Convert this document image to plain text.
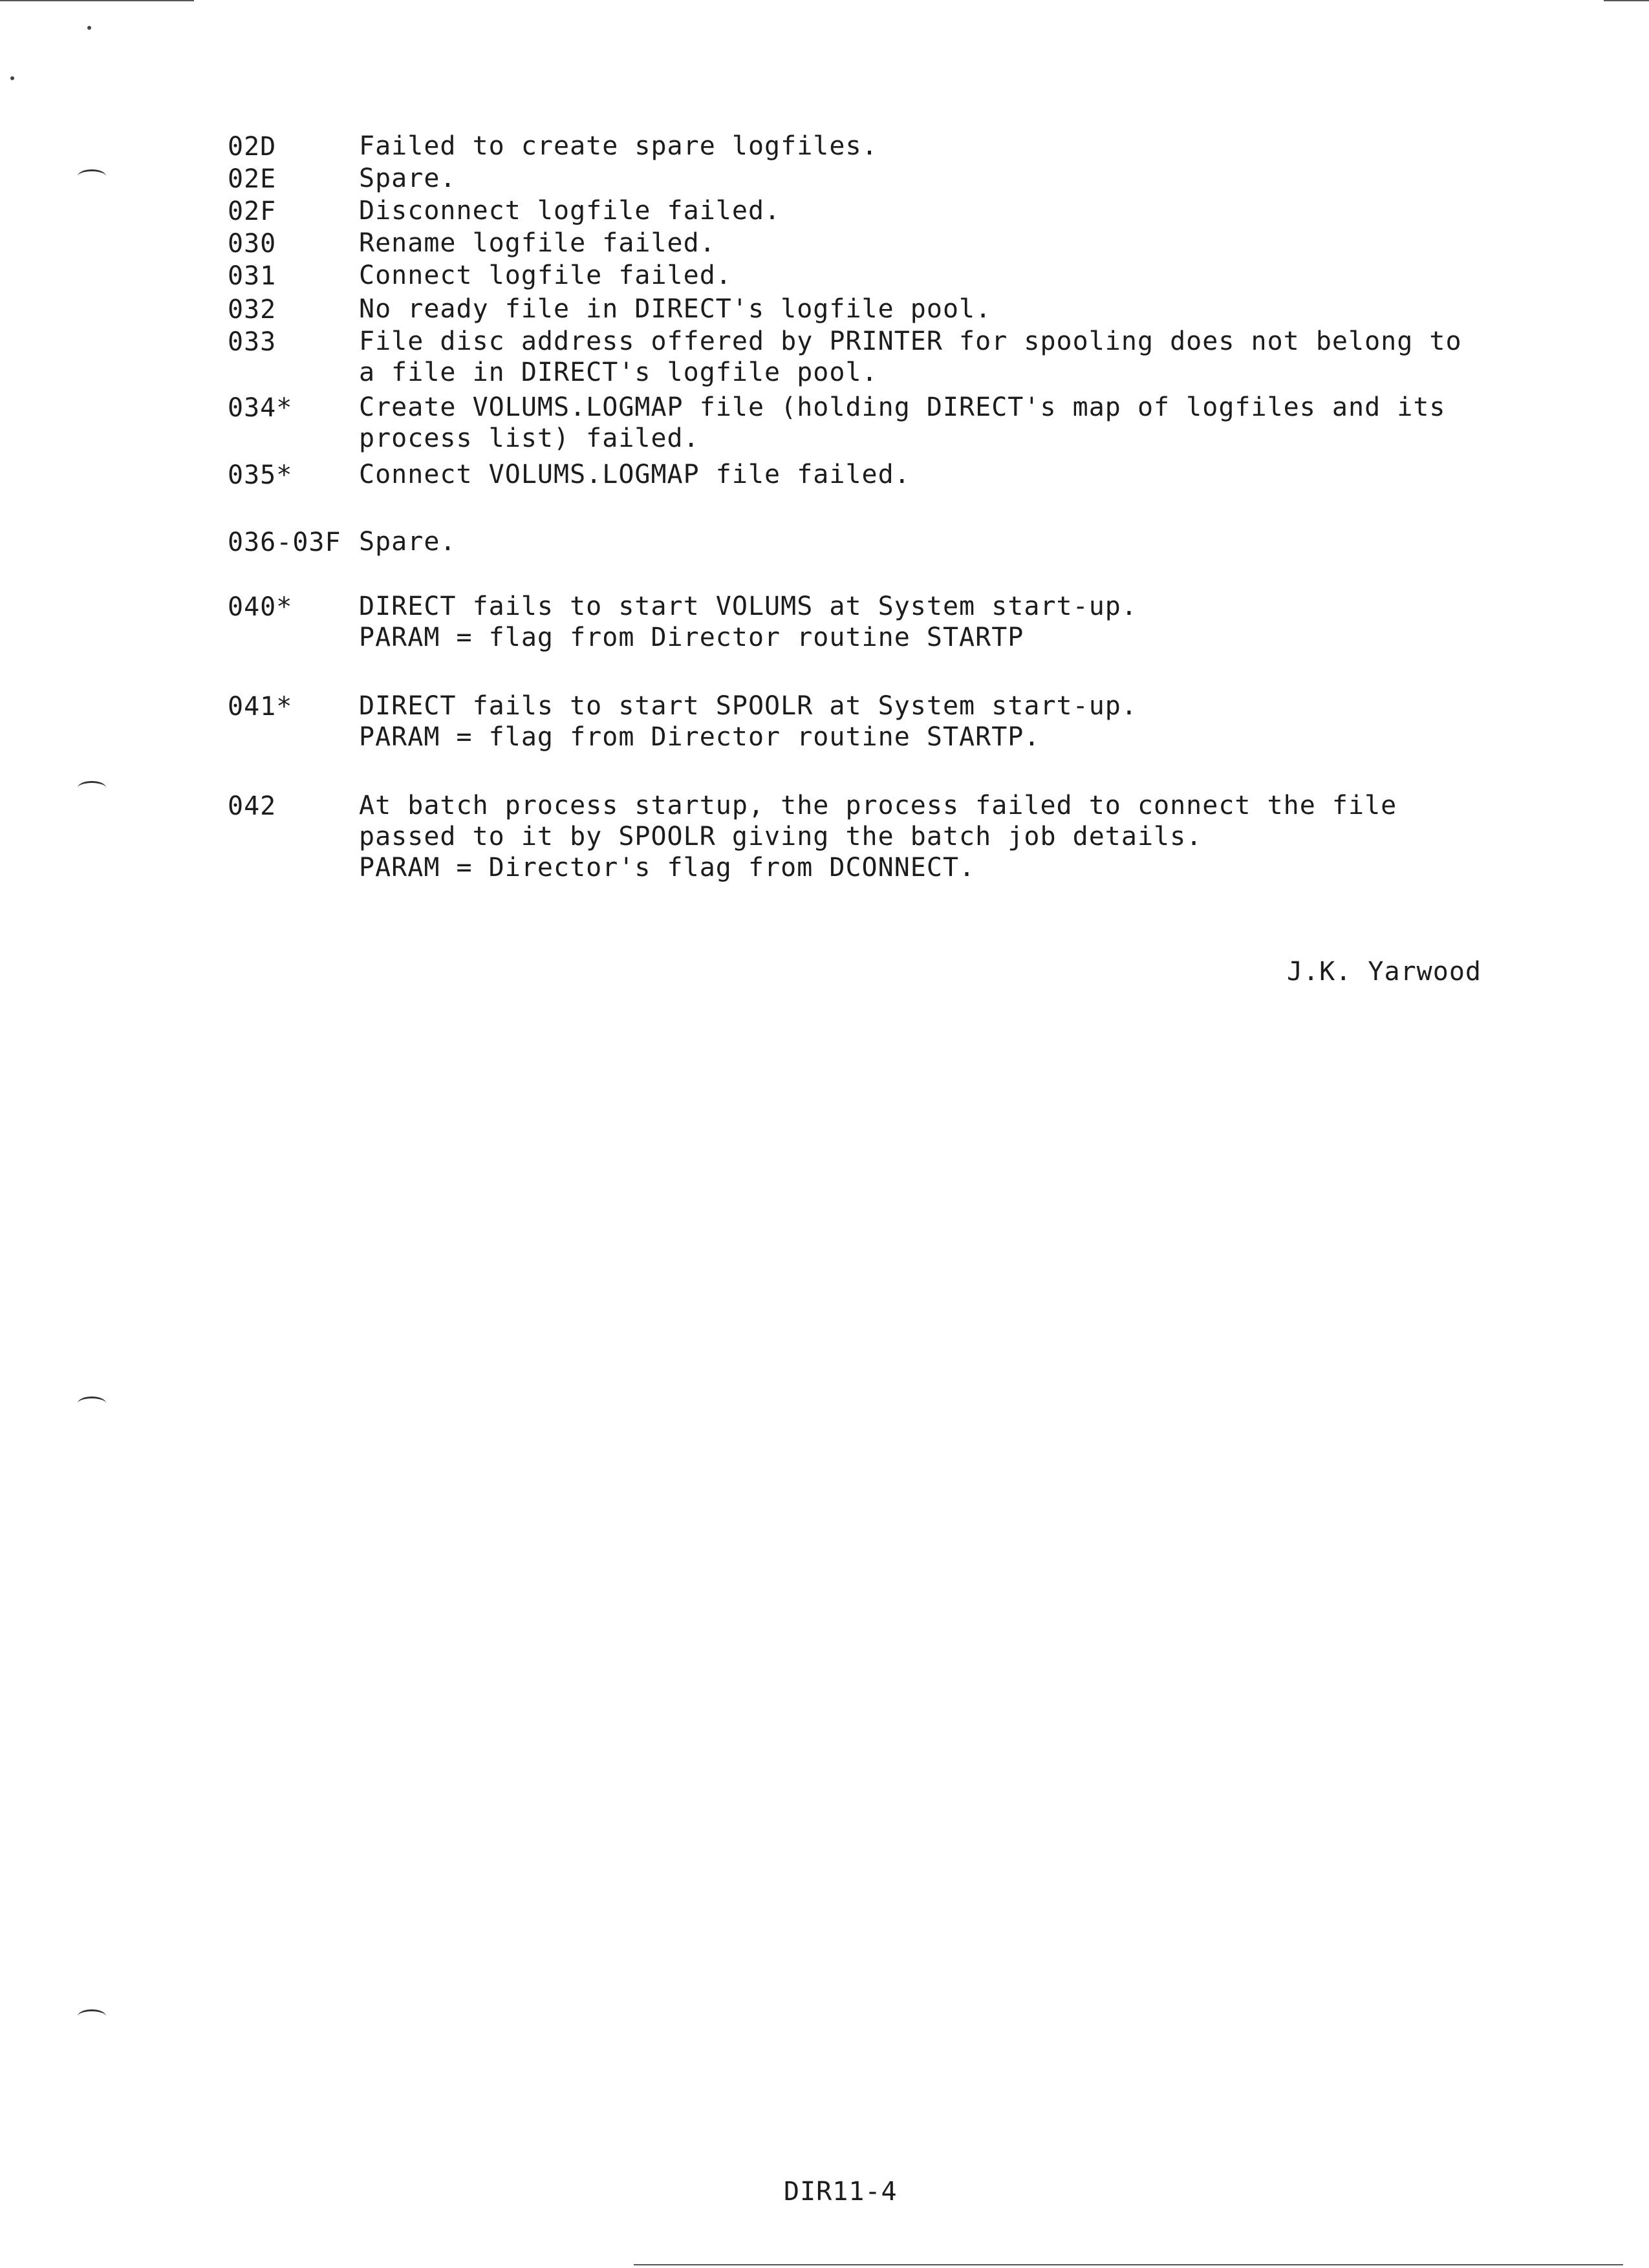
02D	Failed to create spare logfiles.
02E	Spare.
02F	Disconnect logfile failed.
030	Rename logfile failed.
031	Connect logfile failed.
032	No ready file in DIRECT's logfile pool.
033	File disc address offered by PRINTER for spooling does not belong to
a file in DIRECT's logfile pool.
034*	Create VOLUMS.LOGMAP file (holding DIRECT's map of logfiles and its
process list) failed.
035*	Connect VOLUMS.LOGMAP file failed.
036-03F Spare.
040*	DIRECT fails to start VOLUMS at System start-up.
PARAM = flag from Director routine STARTP
041*	DIRECT fails to start SPOOLR at System start-up.
PARAM = flag from Director routine STARTP.
042	At batch process startup, the process failed to connect the file
passed to it by SPOOLR giving the batch job details.
PARAM = Director's flag from DCONNECT.
J.K. Yarwood
DIR11-4
